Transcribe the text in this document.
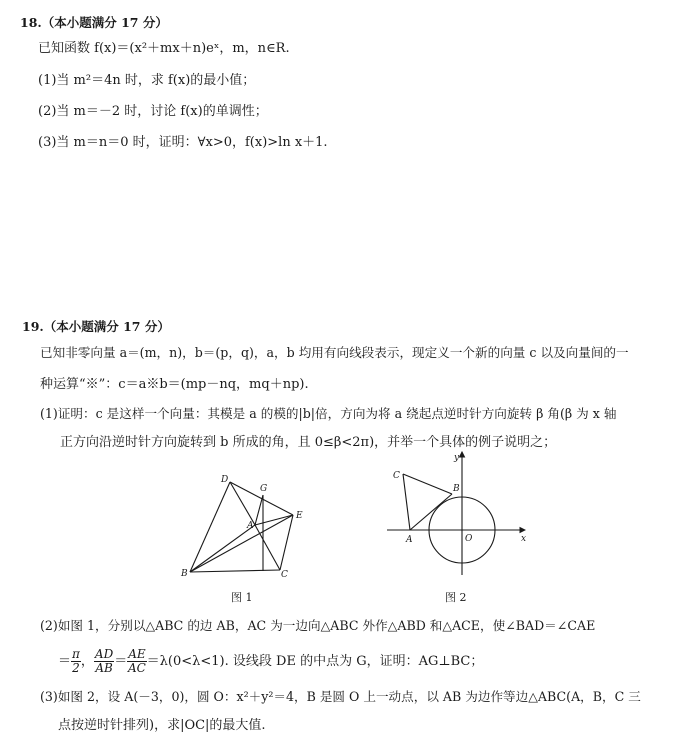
18.（本小题满分 17 分）
已知函数 f(x)＝(x²＋mx＋n)eˣ，m，n∈R.
(1)当 m²＝4n 时，求 f(x)的最小值；
(2)当 m＝－2 时，讨论 f(x)的单调性；
(3)当 m＝n＝0 时，证明：∀x>0，f(x)>ln x＋1.
19.（本小题满分 17 分）
已知非零向量 a＝(m，n)，b＝(p，q)，a，b 均用有向线段表示，现定义一个新的向量 c 以及向量间的一
种运算“※”：c＝a※b＝(mp－nq，mq＋np).
(1)证明：c 是这样一个向量：其模是 a 的模的|b|倍，方向为将 a 绕起点逆时针方向旋转 β 角(β 为 x 轴
正方向沿逆时针方向旋转到 b 所成的角，且 0≤β<2π)，并举一个具体的例子说明之；
D
G
E
A
B	C
图 1
y
C
B
A	O	x
图 2
(2)如图 1，分别以△ABC 的边 AB，AC 为一边向△ABC 外作△ABD 和△ACE，使∠BAD＝∠CAE
＝ $\frac{\pi}{2}$ ， $\frac{AD}{AB} = \frac{AE}{AC} =\lambda(0<\lambda<1)$. 设线段 DE 的中点为 G，证明：AG⊥BC；
(3)如图 2，设 A(－3，0)，圆 O：x²＋y²＝4，B 是圆 O 上一动点，以 AB 为边作等边△ABC(A，B，C 三
点按逆时针排列)，求|OC|的最大值.
